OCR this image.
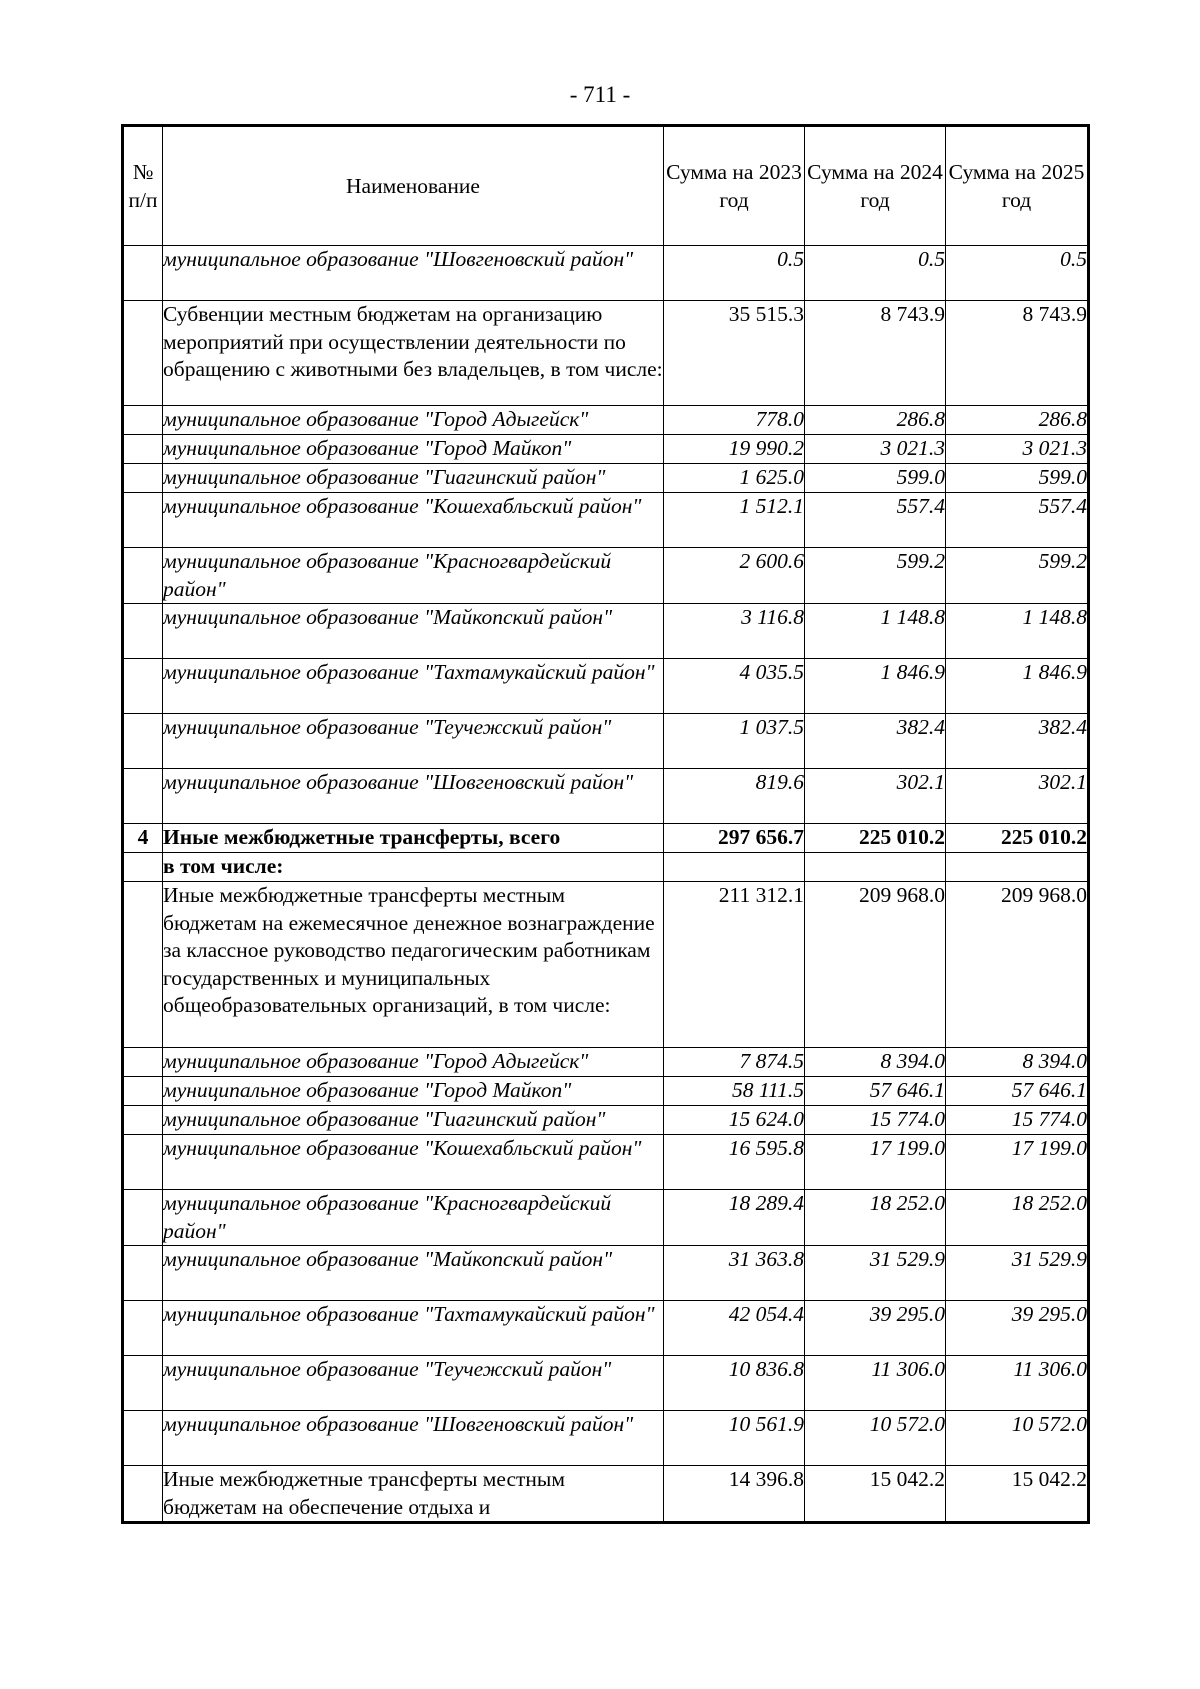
- 711 -
№ п/п	Наименование	Сумма на 2023 год	Сумма на 2024 год	Сумма на 2025 год
	муниципальное образование "Шовгеновский район"	0.5	0.5	0.5
	Субвенции местным бюджетам на организацию мероприятий при осуществлении деятельности по обращению с животными без владельцев, в том числе:	35 515.3	8 743.9	8 743.9
	муниципальное образование "Город Адыгейск"	778.0	286.8	286.8
	муниципальное образование "Город Майкоп"	19 990.2	3 021.3	3 021.3
	муниципальное образование "Гиагинский район"	1 625.0	599.0	599.0
	муниципальное образование "Кошехабльский район"	1 512.1	557.4	557.4
	муниципальное образование "Красногвардейский район"	2 600.6	599.2	599.2
	муниципальное образование "Майкопский район"	3 116.8	1 148.8	1 148.8
	муниципальное образование "Тахтамукайский район"	4 035.5	1 846.9	1 846.9
	муниципальное образование "Теучежский район"	1 037.5	382.4	382.4
	муниципальное образование "Шовгеновский район"	819.6	302.1	302.1
4	Иные межбюджетные трансферты, всего	297 656.7	225 010.2	225 010.2
	в том числе:			
	Иные межбюджетные трансферты местным бюджетам на ежемесячное денежное вознаграждение за классное руководство педагогическим работникам государственных и муниципальных общеобразовательных организаций, в том числе:	211 312.1	209 968.0	209 968.0
	муниципальное образование "Город Адыгейск"	7 874.5	8 394.0	8 394.0
	муниципальное образование "Город Майкоп"	58 111.5	57 646.1	57 646.1
	муниципальное образование "Гиагинский район"	15 624.0	15 774.0	15 774.0
	муниципальное образование "Кошехабльский район"	16 595.8	17 199.0	17 199.0
	муниципальное образование "Красногвардейский район"	18 289.4	18 252.0	18 252.0
	муниципальное образование "Майкопский район"	31 363.8	31 529.9	31 529.9
	муниципальное образование "Тахтамукайский район"	42 054.4	39 295.0	39 295.0
	муниципальное образование "Теучежский район"	10 836.8	11 306.0	11 306.0
	муниципальное образование "Шовгеновский район"	10 561.9	10 572.0	10 572.0
	Иные межбюджетные трансферты местным бюджетам на обеспечение отдыха и	14 396.8	15 042.2	15 042.2
